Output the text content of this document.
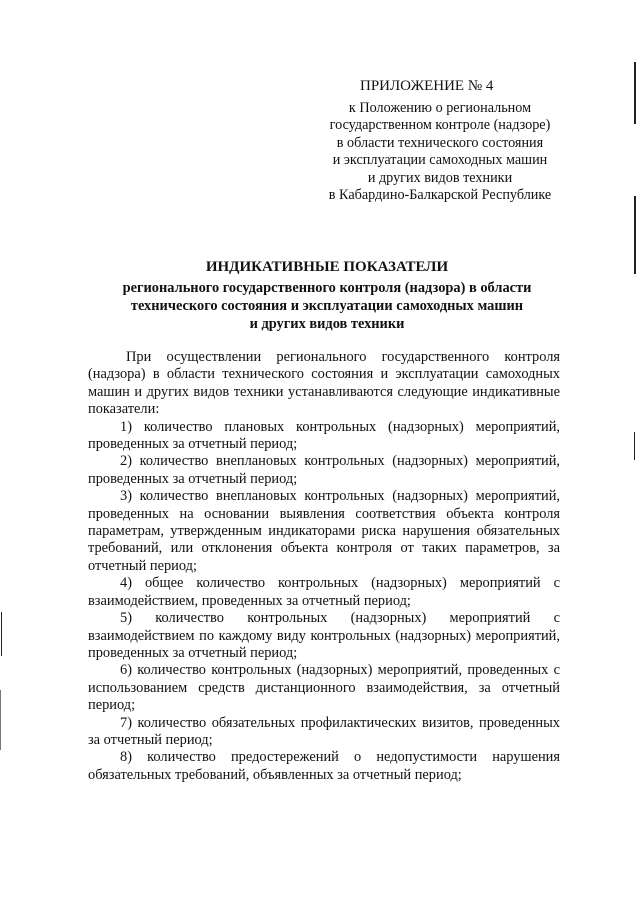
ПРИЛОЖЕНИЕ № 4
к Положению о региональном
государственном контроле (надзоре)
в области технического состояния
и эксплуатации самоходных машин
и других видов техники
в Кабардино-Балкарской Республике
ИНДИКАТИВНЫЕ ПОКАЗАТЕЛИ
регионального государственного контроля (надзора) в области
технического состояния и эксплуатации самоходных машин
и других видов техники

При осуществлении регионального государственного контроля (надзора) в области технического состояния и эксплуатации самоходных машин и других видов техники устанавливаются следующие индикативные показатели:

1) количество плановых контрольных (надзорных) мероприятий, проведенных за отчетный период;

2) количество внеплановых контрольных (надзорных) мероприятий, проведенных за отчетный период;

3) количество внеплановых контрольных (надзорных) мероприятий, проведенных на основании выявления соответствия объекта контроля параметрам, утвержденным индикаторами риска нарушения обязательных требований, или отклонения объекта контроля от таких параметров, за отчетный период;

4) общее количество контрольных (надзорных) мероприятий с взаимодействием, проведенных за отчетный период;

5) количество контрольных (надзорных) мероприятий с взаимодействием по каждому виду контрольных (надзорных) мероприятий, проведенных за отчетный период;

6) количество контрольных (надзорных) мероприятий, проведенных с использованием средств дистанционного взаимодействия, за отчетный период;

7) количество обязательных профилактических визитов, проведенных за отчетный период;

8) количество предостережений о недопустимости нарушения обязательных требований, объявленных за отчетный период;
